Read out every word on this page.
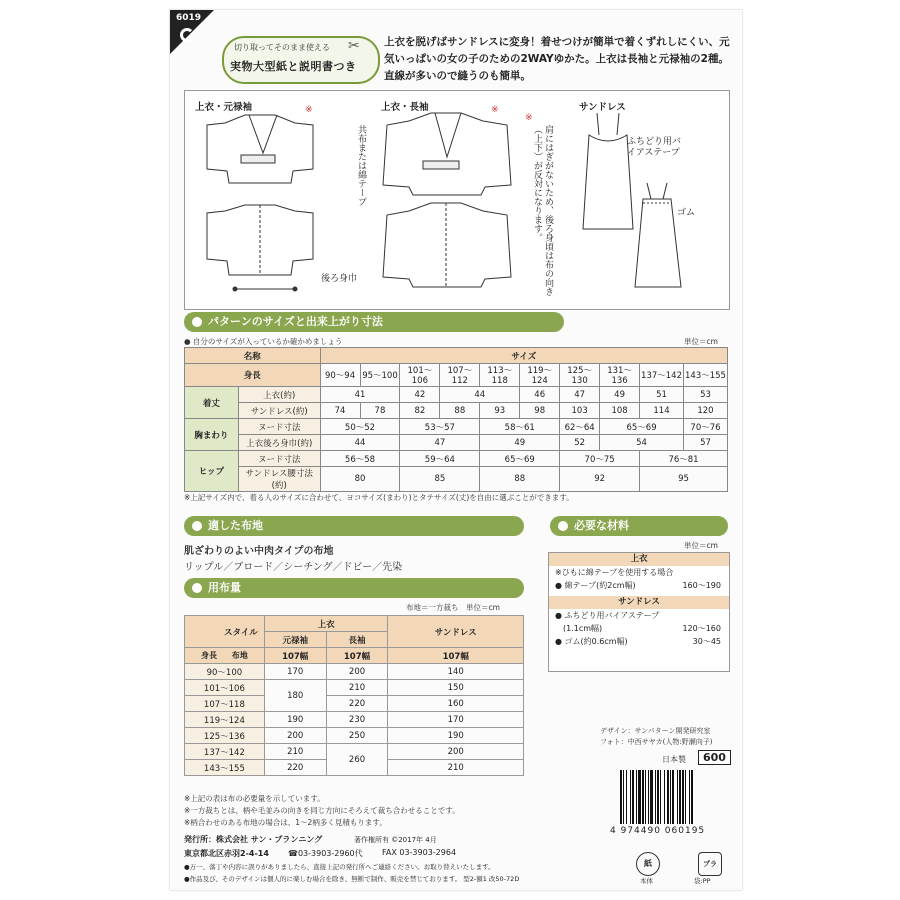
6019
切り取ってそのまま使える
実物大型紙と説明書つき
✂ 上衣を脱げばサンドレスに変身！着せつけが簡単で着くずれしにくい、元気いっぱいの女の子のための2WAYゆかた。上衣は長袖と元禄袖の2種。直線が多いので縫うのも簡単。
上衣・元禄袖	上衣・長袖	サンドレス
※	※
共布または綿テープ
※
肩にはぎがないため、後ろ身頃は布の向き（上下）が反対になります。
後ろ身巾
ふちどり用バイアステープ
ゴム
パターンのサイズと出来上がり寸法
● 自分のサイズが入っているか確かめましょう	単位＝cm
名称		サイズ									
身長		90〜94	95〜100	101〜106	107〜112	113〜118	119〜124	125〜130	131〜136	137〜142	143〜155
着丈	上衣(約)	41		42	44		46	47	49	51	53
	サンドレス(約)	74	78	82	88	93	98	103	108	114	120
胸まわり	ヌード寸法	50〜52		53〜57		58〜61		62〜64	65〜69		70〜76
	上衣後ろ身巾(約)	44		47		49		52	54		57
ヒップ	ヌード寸法	56〜58		59〜64		65〜69		70〜75		76〜81	
	サンドレス腰寸法(約)	80		85		88		92		95	
※上記サイズ内で、着る人のサイズに合わせて、ヨコサイズ(まわり)とタテサイズ(丈)を自由に選ぶことができます。
適した布地
肌ざわりのよい中肉タイプの布地
リップル／ブロード／シーチング／ドビー／先染
必要な材料
単位＝cm
上衣
※ひもに綿テープを使用する場合
● 綿テープ(約2cm幅)	160〜190
サンドレス
● ふちどり用バイアステープ
(1.1cm幅)	120〜160
● ゴム(約0.6cm幅)	30〜45
用布量
布地＝一方裁ち　単位＝cm
スタイル	上衣		サンドレス
	元禄袖	長袖	
身長 布地	107幅	107幅	107幅
90〜100	170	200	140
101〜106	180	210	150
107〜118		220	160
119〜124	190	230	170
125〜136	200	250	190
137〜142	210	260	200
143〜155	220		210
※上記の表は布の必要量を示しています。
※一方裁ちとは、柄や毛並みの向きを同じ方向にそろえて裁ち合わせることです。
※柄合わせのある布地の場合は、1〜2柄多く見積もります。
デザイン：サンパターン開発研究室
フォト：中西サヤカ(人物:野瀬向子)
日本製	600
4 974490 060195
発行所：株式会社 サン・プランニング	著作権所有 ©2017年 4月
東京都北区赤羽2-4-14 ☎03-3903-2960代 FAX 03-3903-2964
●万一、落丁や内容に誤りがありましたら、直接上記の発行所へご連絡ください。お取り替えいたします。
●作品及び、そのデザインは個人的に楽しむ場合を除き、無断で制作、販売を禁じております。 型2-額1 改50-72D
紙	プラ
本体	袋:PP
